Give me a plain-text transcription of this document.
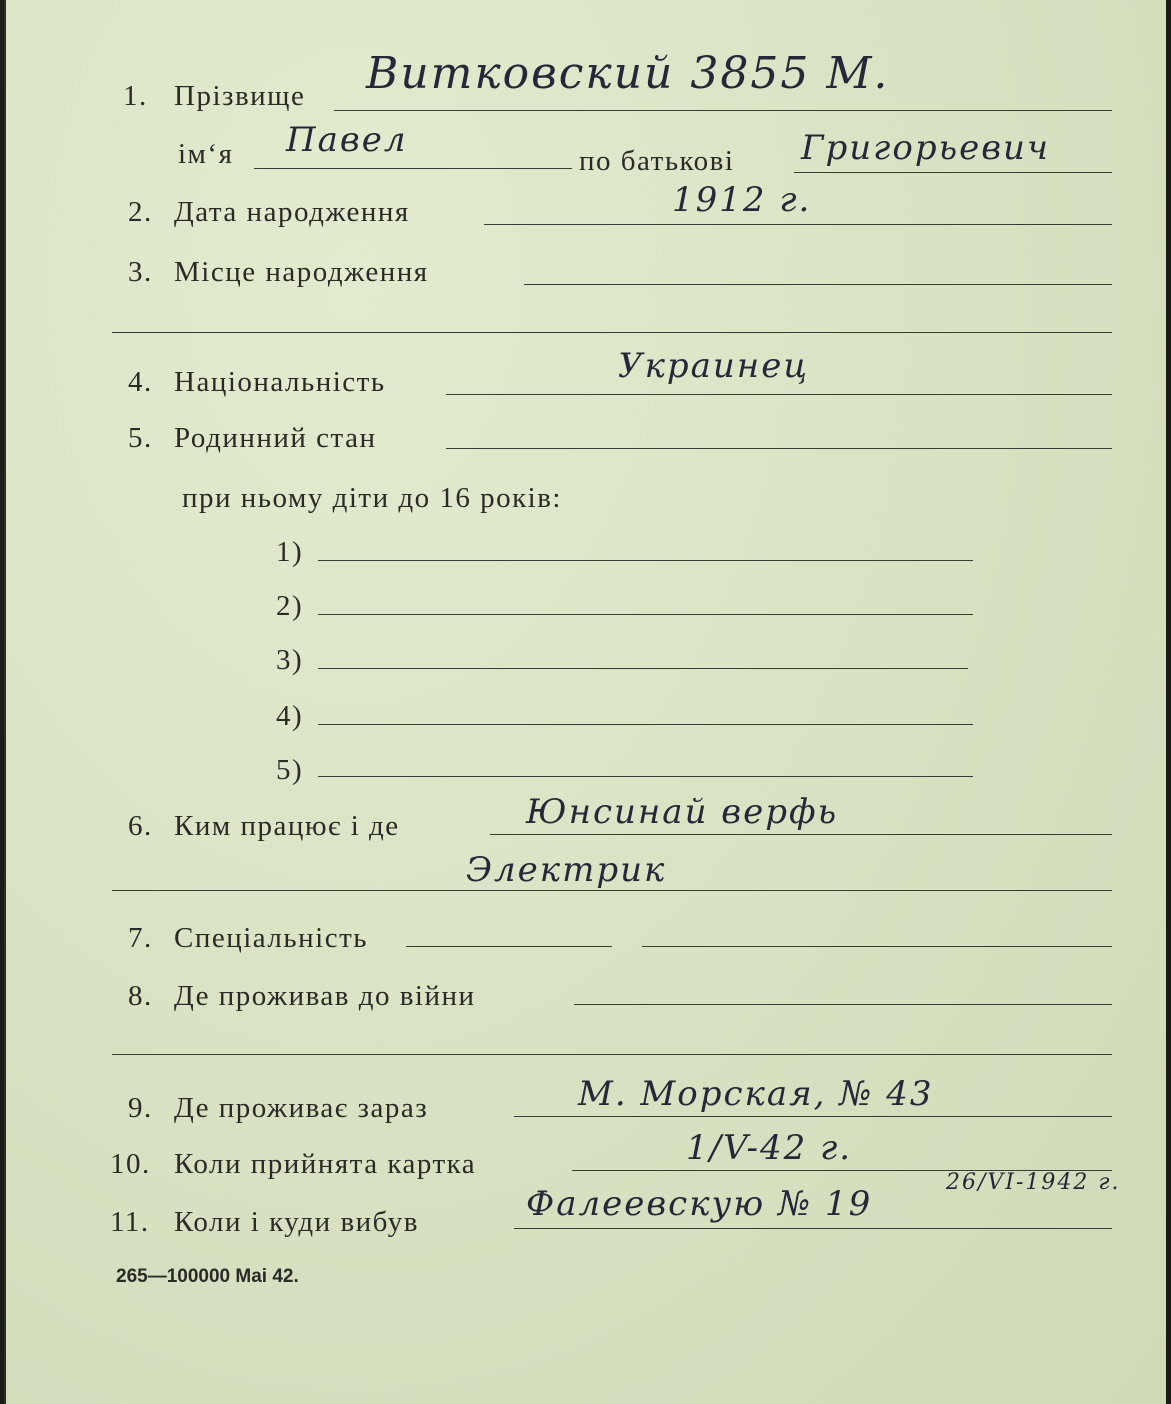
1. Прізвище Витковский 3855 М.
ім‘я Павел
по батькові Григорьевич
2. Дата народження	1912 г.
3. Місце народження
4. Національність	Украинец
5. Родинний стан
при ньому діти до 16 років:
1)
2)
3)
4)
5)
6. Ким працює і де	Юнсинай верфь
Электрик
7. Спеціальність
8. Де проживав до війни
9. Де проживає зараз	М. Морская, № 43
10. Коли прийнята картка	1/V-42 г.
11. Коли і куди вибув	Фалеевскую № 19
26/VI-1942 г.
265—100000 Mai 42.
